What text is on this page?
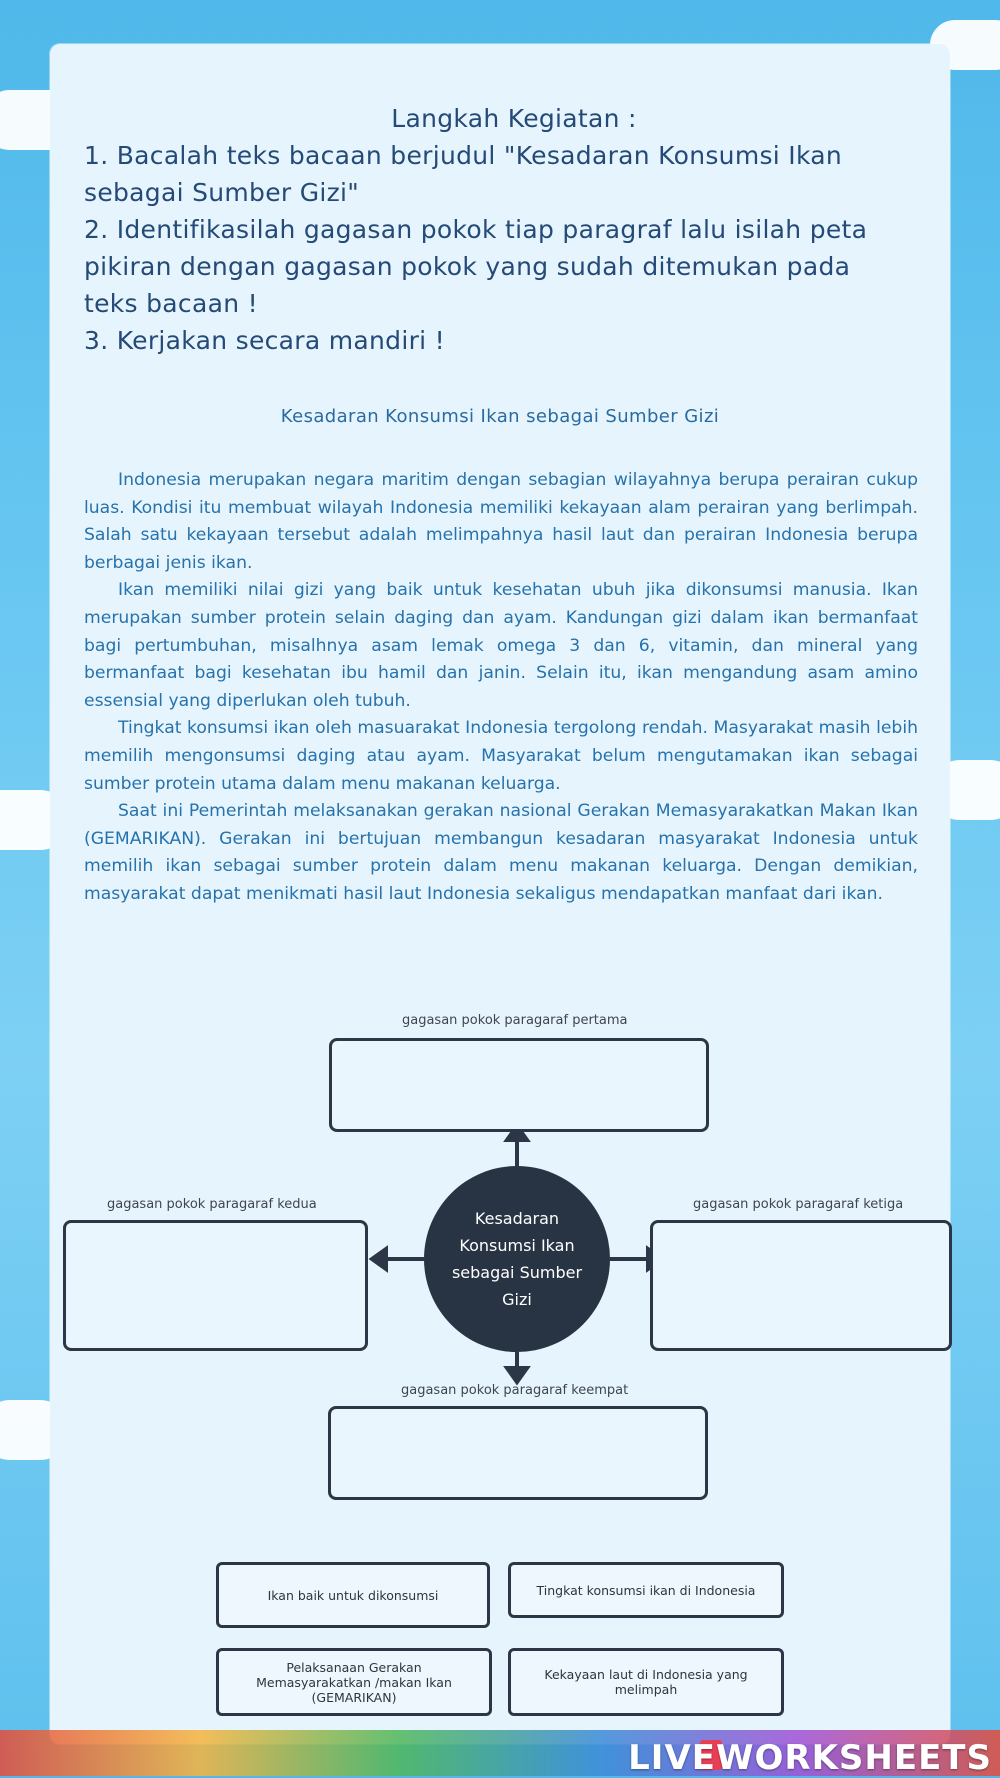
Langkah Kegiatan :
1. Bacalah teks bacaan berjudul "Kesadaran Konsumsi Ikan sebagai Sumber Gizi"
2. Identifikasilah gagasan pokok tiap paragraf lalu isilah peta pikiran dengan gagasan pokok yang sudah ditemukan pada teks bacaan !
3. Kerjakan secara mandiri !
Kesadaran Konsumsi Ikan sebagai Sumber Gizi

Indonesia merupakan negara maritim dengan sebagian wilayahnya berupa perairan cukup luas. Kondisi itu membuat wilayah Indonesia memiliki kekayaan alam perairan yang berlimpah. Salah satu kekayaan tersebut adalah melimpahnya hasil laut dan perairan Indonesia berupa berbagai jenis ikan.

Ikan memiliki nilai gizi yang baik untuk kesehatan ubuh jika dikonsumsi manusia. Ikan merupakan sumber protein selain daging dan ayam. Kandungan gizi dalam ikan bermanfaat bagi pertumbuhan, misalhnya asam lemak omega 3 dan 6, vitamin, dan mineral yang bermanfaat bagi kesehatan ibu hamil dan janin. Selain itu, ikan mengandung asam amino essensial yang diperlukan oleh tubuh.

Tingkat konsumsi ikan oleh masuarakat Indonesia tergolong rendah. Masyarakat masih lebih memilih mengonsumsi daging atau ayam. Masyarakat belum mengutamakan ikan sebagai sumber protein utama dalam menu makanan keluarga.

Saat ini Pemerintah melaksanakan gerakan nasional Gerakan Memasyarakatkan Makan Ikan (GEMARIKAN). Gerakan ini bertujuan membangun kesadaran masyarakat Indonesia untuk memilih ikan sebagai sumber protein dalam menu makanan keluarga. Dengan demikian, masyarakat dapat menikmati hasil laut Indonesia sekaligus mendapatkan manfaat dari ikan.

gagasan pokok paragaraf pertama
gagasan pokok paragaraf kedua	gagasan pokok paragaraf ketiga
Kesadaran Konsumsi Ikan sebagai Sumber Gizi
gagasan pokok paragaraf keempat
Ikan baik untuk dikonsumsi	Tingkat konsumsi ikan di Indonesia
Pelaksanaan Gerakan Memasyarakatkan /makan Ikan (GEMARIKAN)
Kekayaan laut di Indonesia yang melimpah
LIVEWORKSHEETS
